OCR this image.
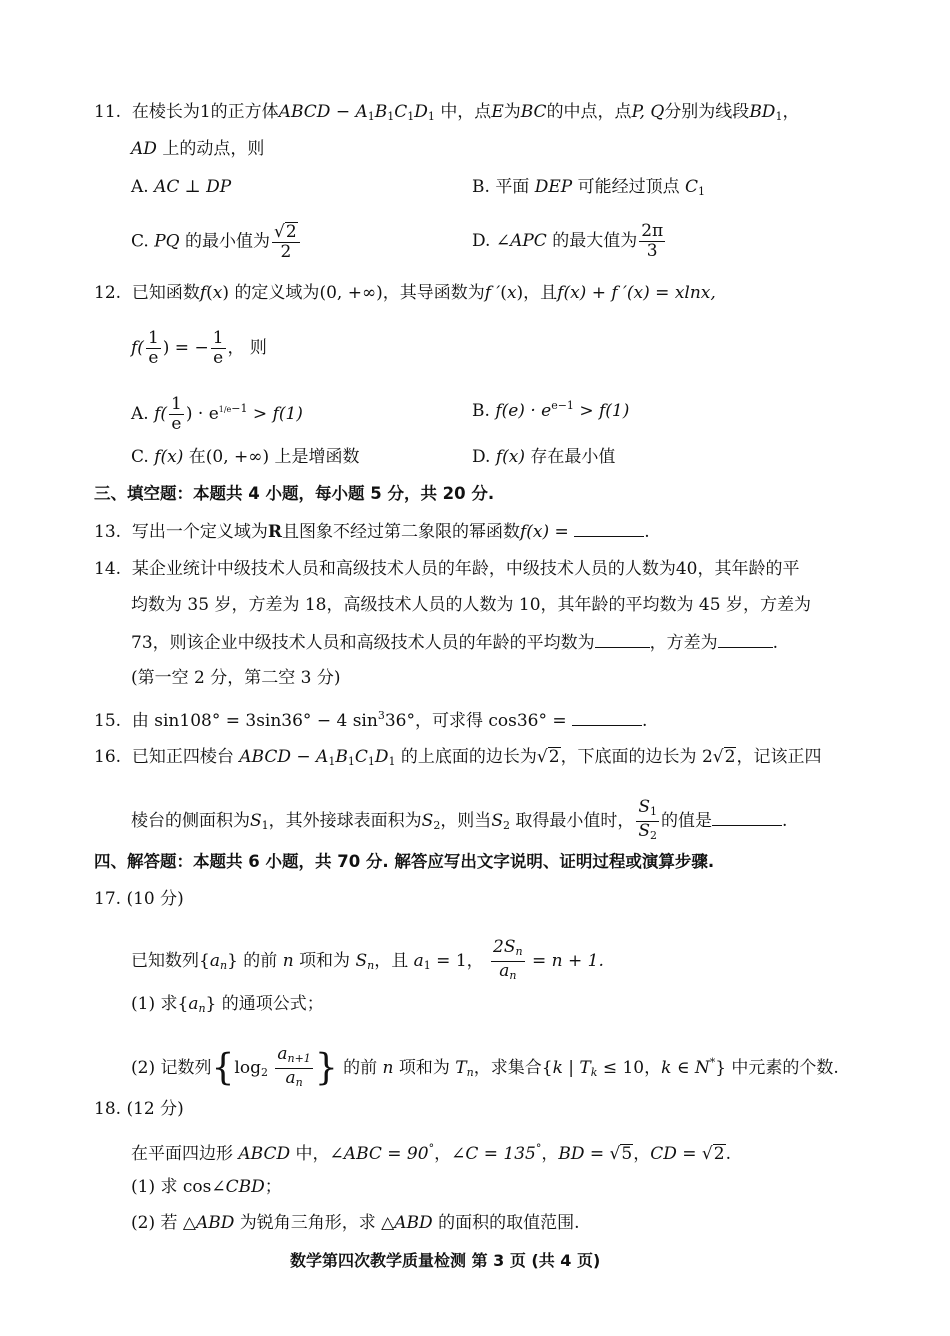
11. 在棱长为1的正方体ABCD − $A_1B_1C_1D_1$ 中，点E为BC的中点，点P, Q分别为线段$BD_1$，
AD 上的动点，则
A. AC ⊥ DP	B. 平面 DEP 可能经过顶点 $C_1$
C. PQ 的最小值为 $\frac{√2}{2}$	D. ∠APC 的最大值为 $\frac{2\pi}{3}$
12. 已知函数f(x) 的定义域为(0, +∞)，其导函数为f ′(x)，且f(x) + f ′(x) = xlnx,
$f( \frac{1}{e}$ ) = − $\frac{1}{e}$ ， 则
A. $f( \frac{1}{e}$ ) · $e^{1/e-1} > f(1)$	B. $f(e) \cdot e^{e-1} > f(1)$
C. f(x) 在(0, +∞) 上是增函数	D. f(x) 存在最小值
三、填空题：本题共 4 小题，每小题 5 分，共 20 分.
13. 写出一个定义域为R且图象不经过第二象限的幂函数f(x) =	.
14. 某企业统计中级技术人员和高级技术人员的年龄，中级技术人员的人数为40，其年龄的平
均数为 35 岁，方差为 18，高级技术人员的人数为 10，其年龄的平均数为 45 岁，方差为
73，则该企业中级技术人员和高级技术人员的年龄的平均数为	，方差为	.
(第一空 2 分，第二空 3 分)
15. 由 sin108° = 3sin36° − 4 $\sin^336^\circ$，可求得 cos36° =	.
16. 已知正四棱台 ABCD − $A_1B_1C_1D_1$ 的上底面的边长为√2，下底面的边长为 2√2，记该正四
棱台的侧面积为$S_1$，其外接球表面积为$S_2$，则当$S_2$ 取得最小值时， $\frac{S_1}{S_2}$ 的值是	.
四、解答题：本题共 6 小题，共 70 分. 解答应写出文字说明、证明过程或演算步骤.
17. (10 分)
已知数列$\{a_n\}$ 的前 n 项和为 $S_n$，且 $a_1 = 1$， $\frac{2S_n}{a_n} = n + 1$.
(1) 求$\{a_n\}$ 的通项公式；
(2) 记数列{$\log_2 \frac{a_{n+1}}{a_n}$ } 的前 n 项和为 $T_n$，求集合{k | $T_k \le 10$，k ∈ N*} 中元素的个数.
18. (12 分)
在平面四边形 ABCD 中，∠ABC = 90°，∠C = 135°，BD = √5，CD = √2.
(1) 求 cos∠CBD；
(2) 若 △ABD 为锐角三角形，求 △ABD 的面积的取值范围.
数学第四次教学质量检测 第 3 页 (共 4 页)
